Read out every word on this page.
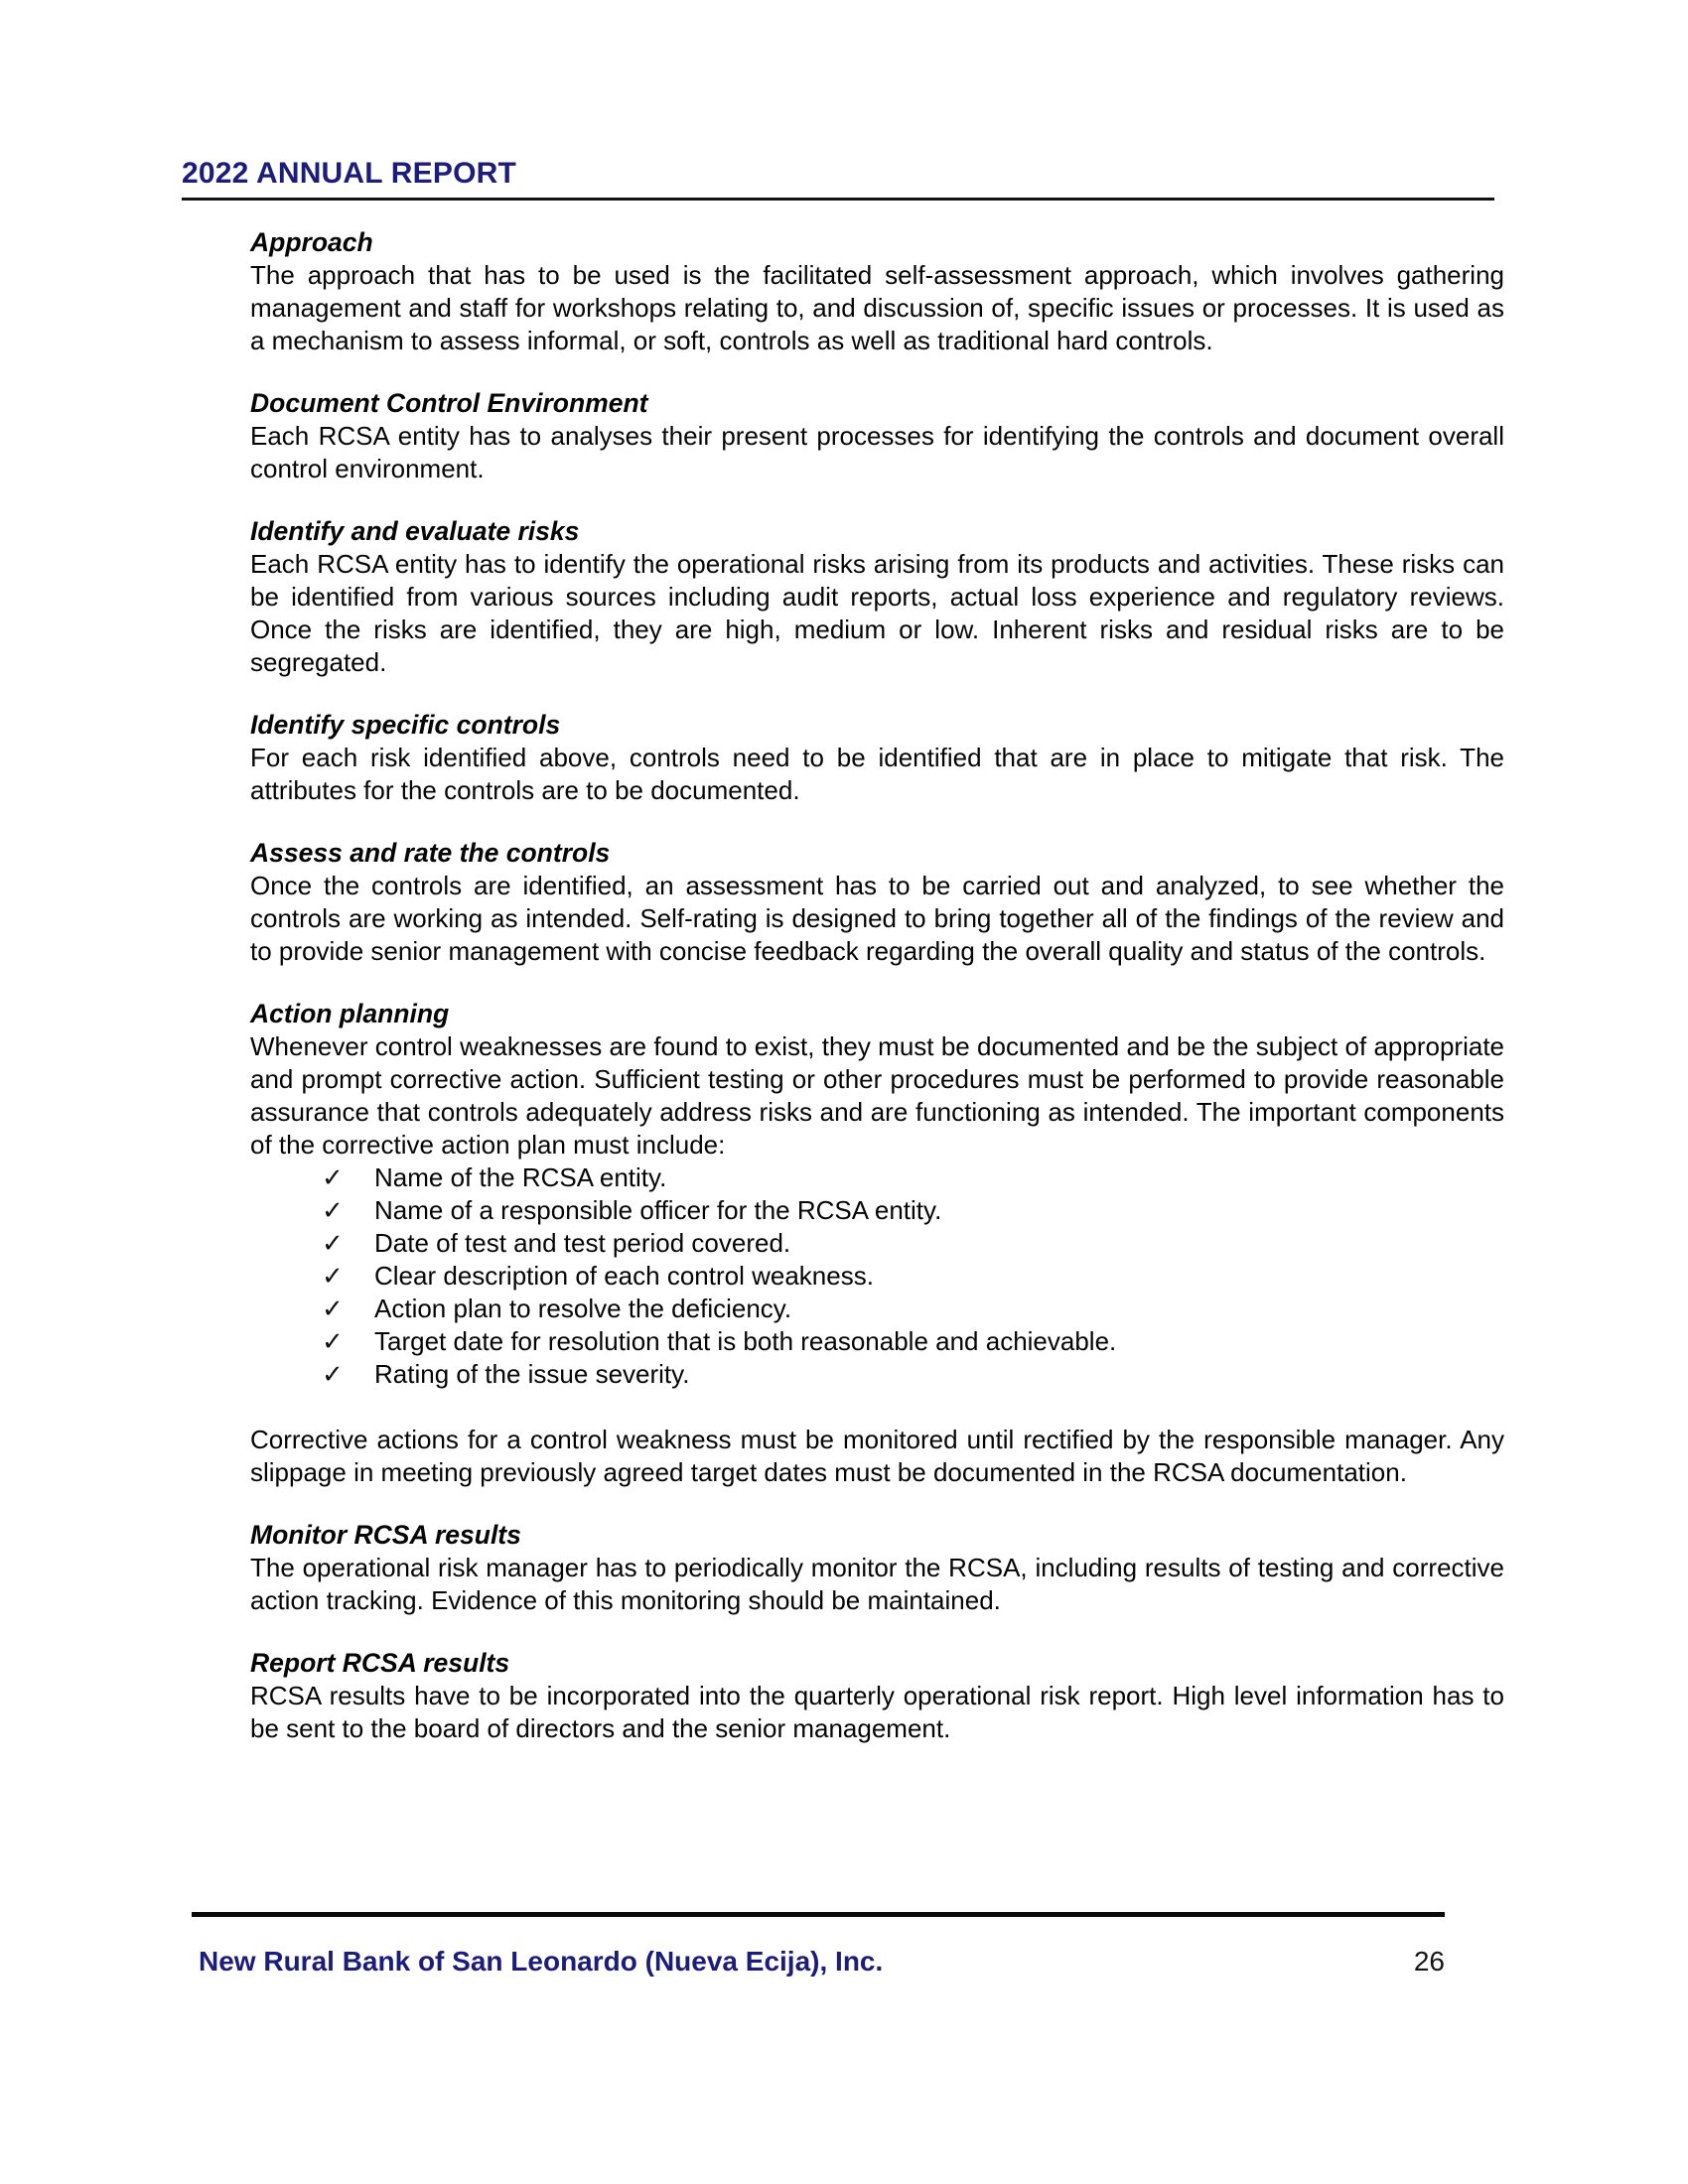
2022 ANNUAL REPORT
Approach

The approach that has to be used is the facilitated self-assessment approach, which involves gathering management and staff for workshops relating to, and discussion of, specific issues or processes. It is used as a mechanism to assess informal, or soft, controls as well as traditional hard controls.

Document Control Environment

Each RCSA entity has to analyses their present processes for identifying the controls and document overall control environment.

Identify and evaluate risks

Each RCSA entity has to identify the operational risks arising from its products and activities. These risks can be identified from various sources including audit reports, actual loss experience and regulatory reviews. Once the risks are identified, they are high, medium or low. Inherent risks and residual risks are to be segregated.

Identify specific controls

For each risk identified above, controls need to be identified that are in place to mitigate that risk. The attributes for the controls are to be documented.

Assess and rate the controls

Once the controls are identified, an assessment has to be carried out and analyzed, to see whether the controls are working as intended. Self-rating is designed to bring together all of the findings of the review and to provide senior management with concise feedback regarding the overall quality and status of the controls.

Action planning

Whenever control weaknesses are found to exist, they must be documented and be the subject of appropriate and prompt corrective action. Sufficient testing or other procedures must be performed to provide reasonable assurance that controls adequately address risks and are functioning as intended. The important components of the corrective action plan must include:

✓ Name of the RCSA entity.
✓ Name of a responsible officer for the RCSA entity.
✓ Date of test and test period covered.
✓ Clear description of each control weakness.
✓ Action plan to resolve the deficiency.
✓ Target date for resolution that is both reasonable and achievable.
✓ Rating of the issue severity.

Corrective actions for a control weakness must be monitored until rectified by the responsible manager. Any slippage in meeting previously agreed target dates must be documented in the RCSA documentation.

Monitor RCSA results

The operational risk manager has to periodically monitor the RCSA, including results of testing and corrective action tracking. Evidence of this monitoring should be maintained.

Report RCSA results

RCSA results have to be incorporated into the quarterly operational risk report. High level information has to be sent to the board of directors and the senior management.

New Rural Bank of San Leonardo (Nueva Ecija), Inc.	26
